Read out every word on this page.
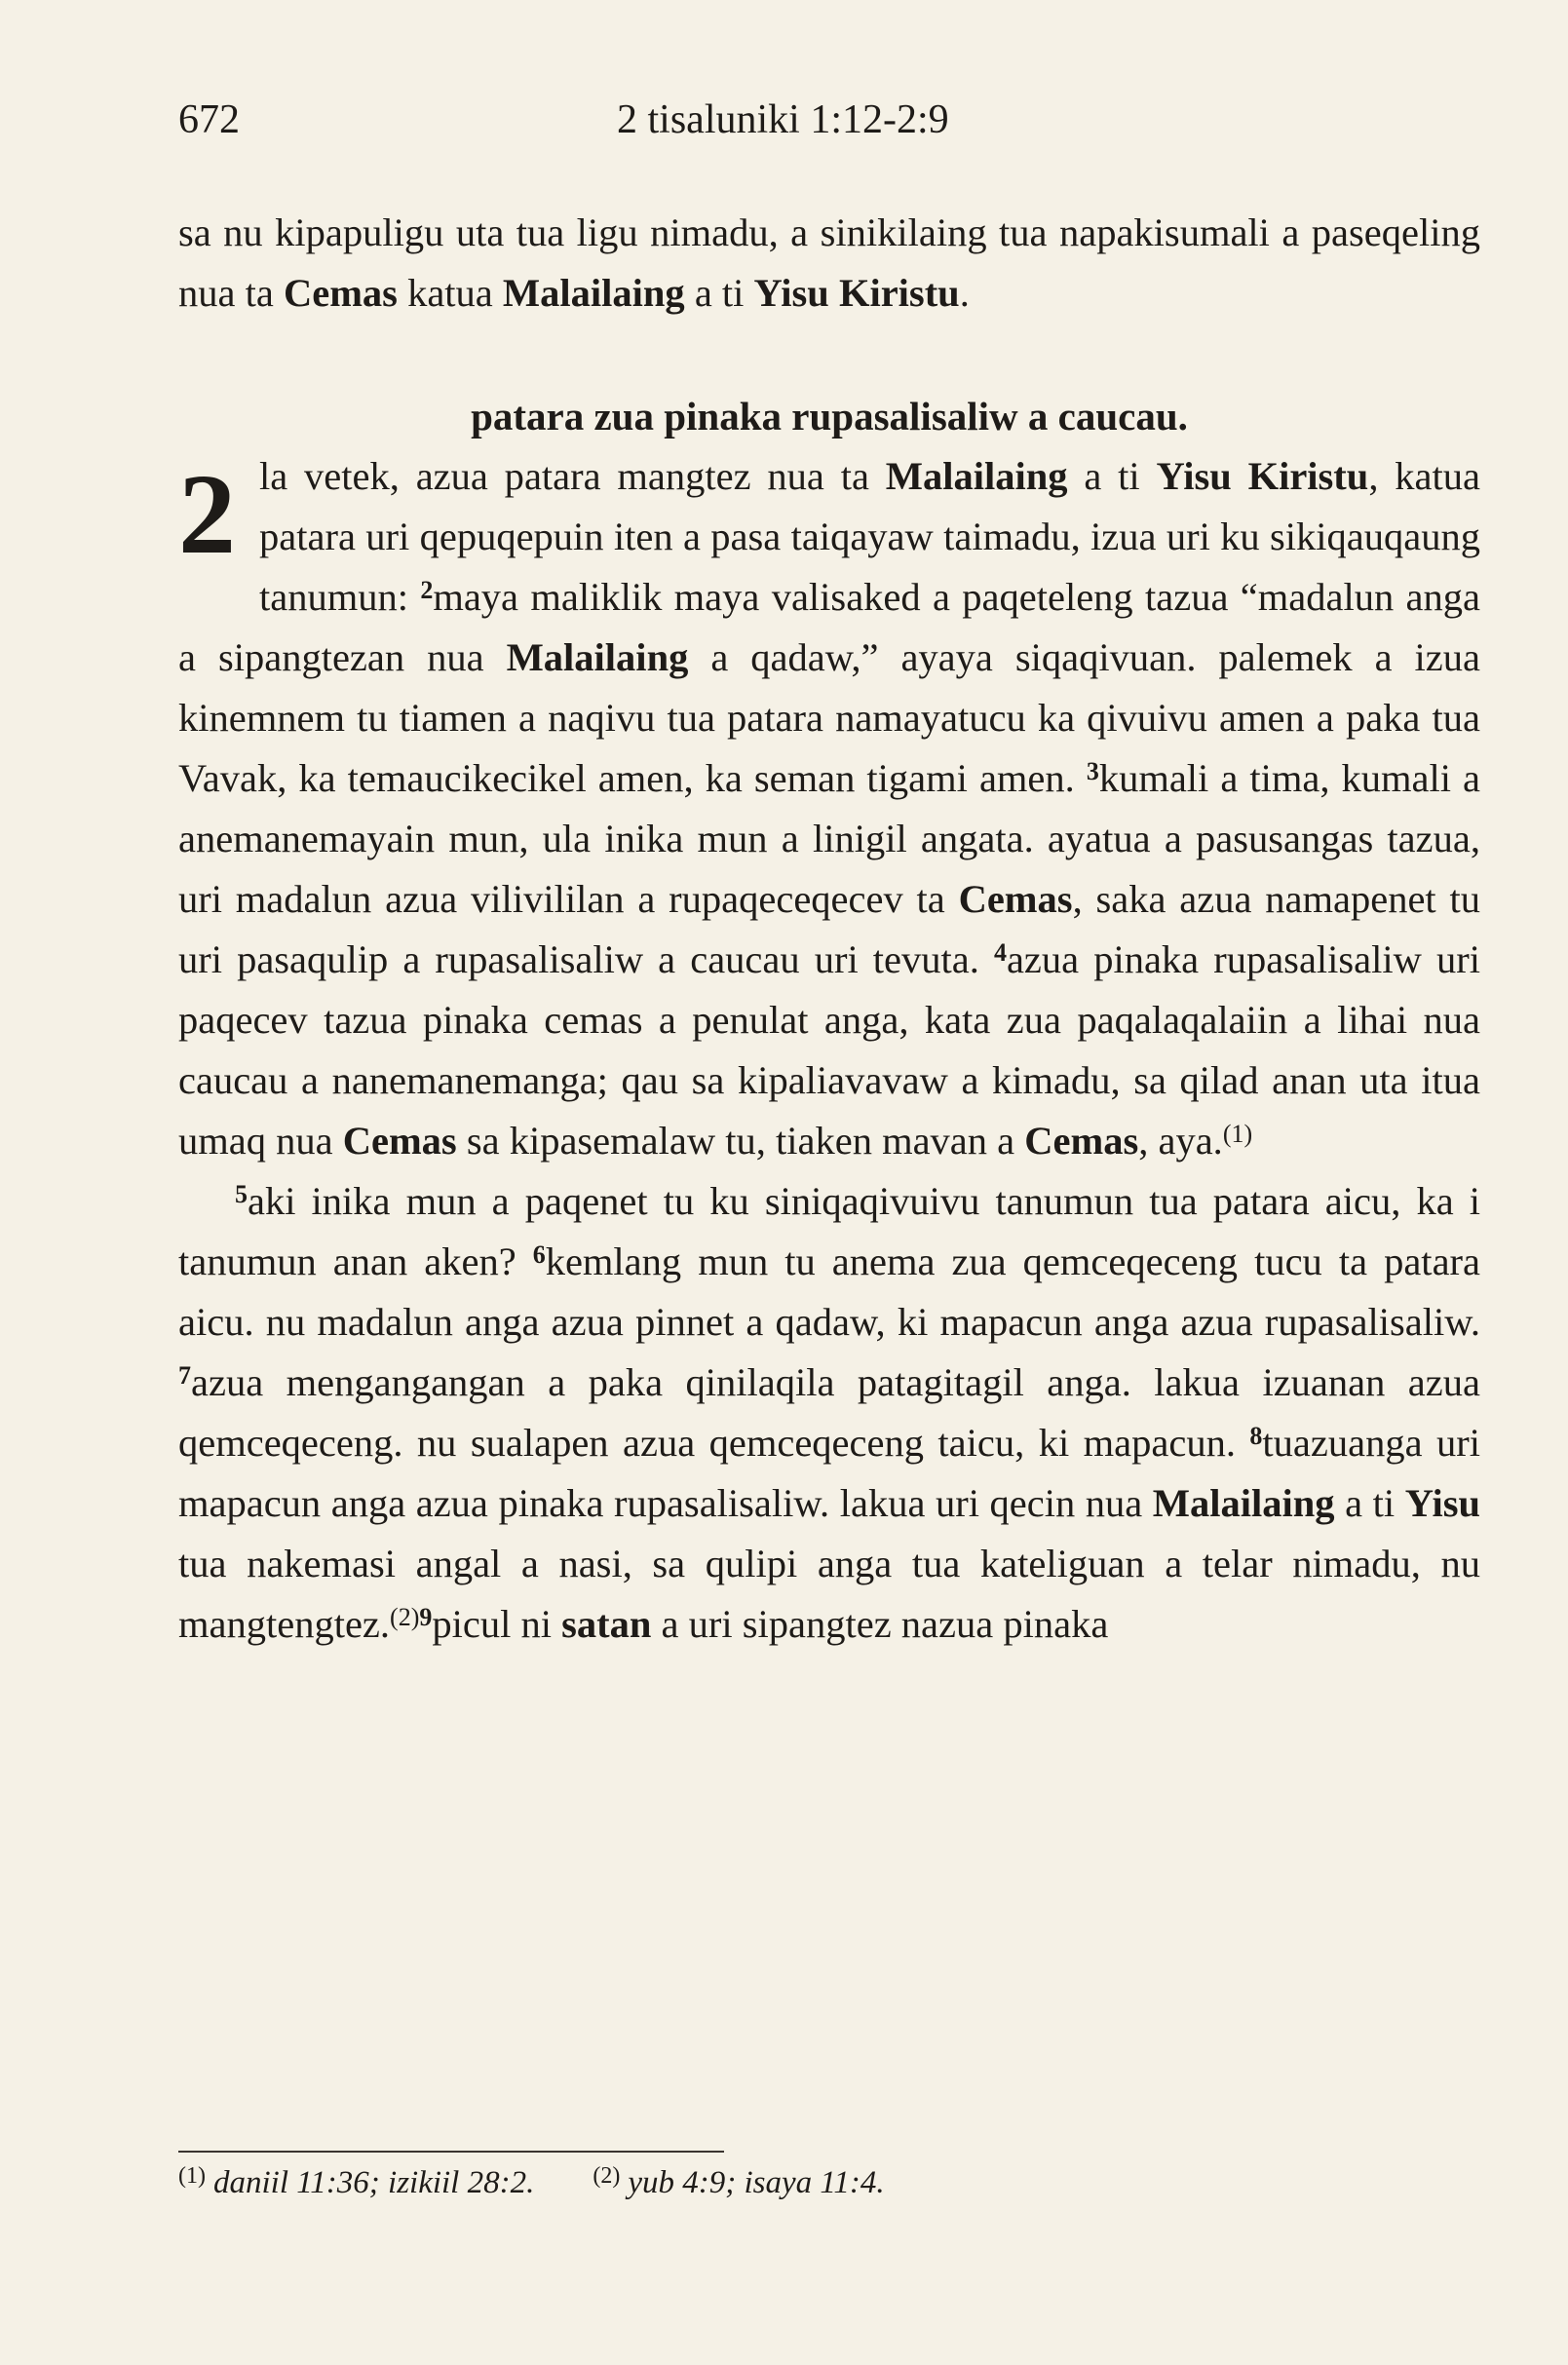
672	2 tisaluniki 1:12-2:9

sa nu kipapuligu uta tua ligu nimadu, a sinikilaing tua napakisumali a paseqeling nua ta Cemas katua Malailaing a ti Yisu Kiristu.

patara zua pinaka rupasalisaliw a caucau.

2 la vetek, azua patara mangtez nua ta Malailaing a ti Yisu Kiristu, katua patara uri qepuqepuin iten a pasa taiqayaw taimadu, izua uri ku sikiqauqaung tanumun: $^2$maya maliklik maya valisaked a paqeteleng tazua “madalun anga a sipangtezan nua Malailaing a qadaw,” ayaya siqaqivuan. palemek a izua kinemnem tu tiamen a naqivu tua patara namayatucu ka qivuivu amen a paka tua Vavak, ka temaucikecikel amen, ka seman tigami amen. $^3$kumali a tima, kumali a anemanemayain mun, ula inika mun a linigil angata. ayatua a pasusangas tazua, uri madalun azua vilivililan a rupaqeceqecev ta Cemas, saka azua namapenet tu uri pasaqulip a rupasalisaliw a caucau uri tevuta. $^4$azua pinaka rupasalisaliw uri paqecev tazua pinaka cemas a penulat anga, kata zua paqalaqalaiin a lihai nua caucau a nanemanemanga; qau sa kipaliavavaw a kimadu, sa qilad anan uta itua umaq nua Cemas sa kipasemalaw tu, tiaken mavan a Cemas, aya.$^{(1)}$

$^5$aki inika mun a paqenet tu ku siniqaqivuivu tanumun tua patara aicu, ka i tanumun anan aken? $^6$kemlang mun tu anema zua qemceqeceng tucu ta patara aicu. nu madalun anga azua pinnet a qadaw, ki mapacun anga azua rupasalisaliw. $^7$azua mengangangan a paka qinilaqila patagitagil anga. lakua izuanan azua qemceqeceng. nu sualapen azua qemceqeceng taicu, ki mapacun. $^8$tuazuanga uri mapacun anga azua pinaka rupasalisaliw. lakua uri qecin nua Malailaing a ti Yisu tua nakemasi angal a nasi, sa qulipi anga tua kateliguan a telar nimadu, nu mangtengtez.$^{(2)9}$picul ni satan a uri sipangtez nazua pinaka

$^{(1)}$ daniil 11:36; izikiil 28:2.	$^{(2)}$ yub 4:9; isaya 11:4.
